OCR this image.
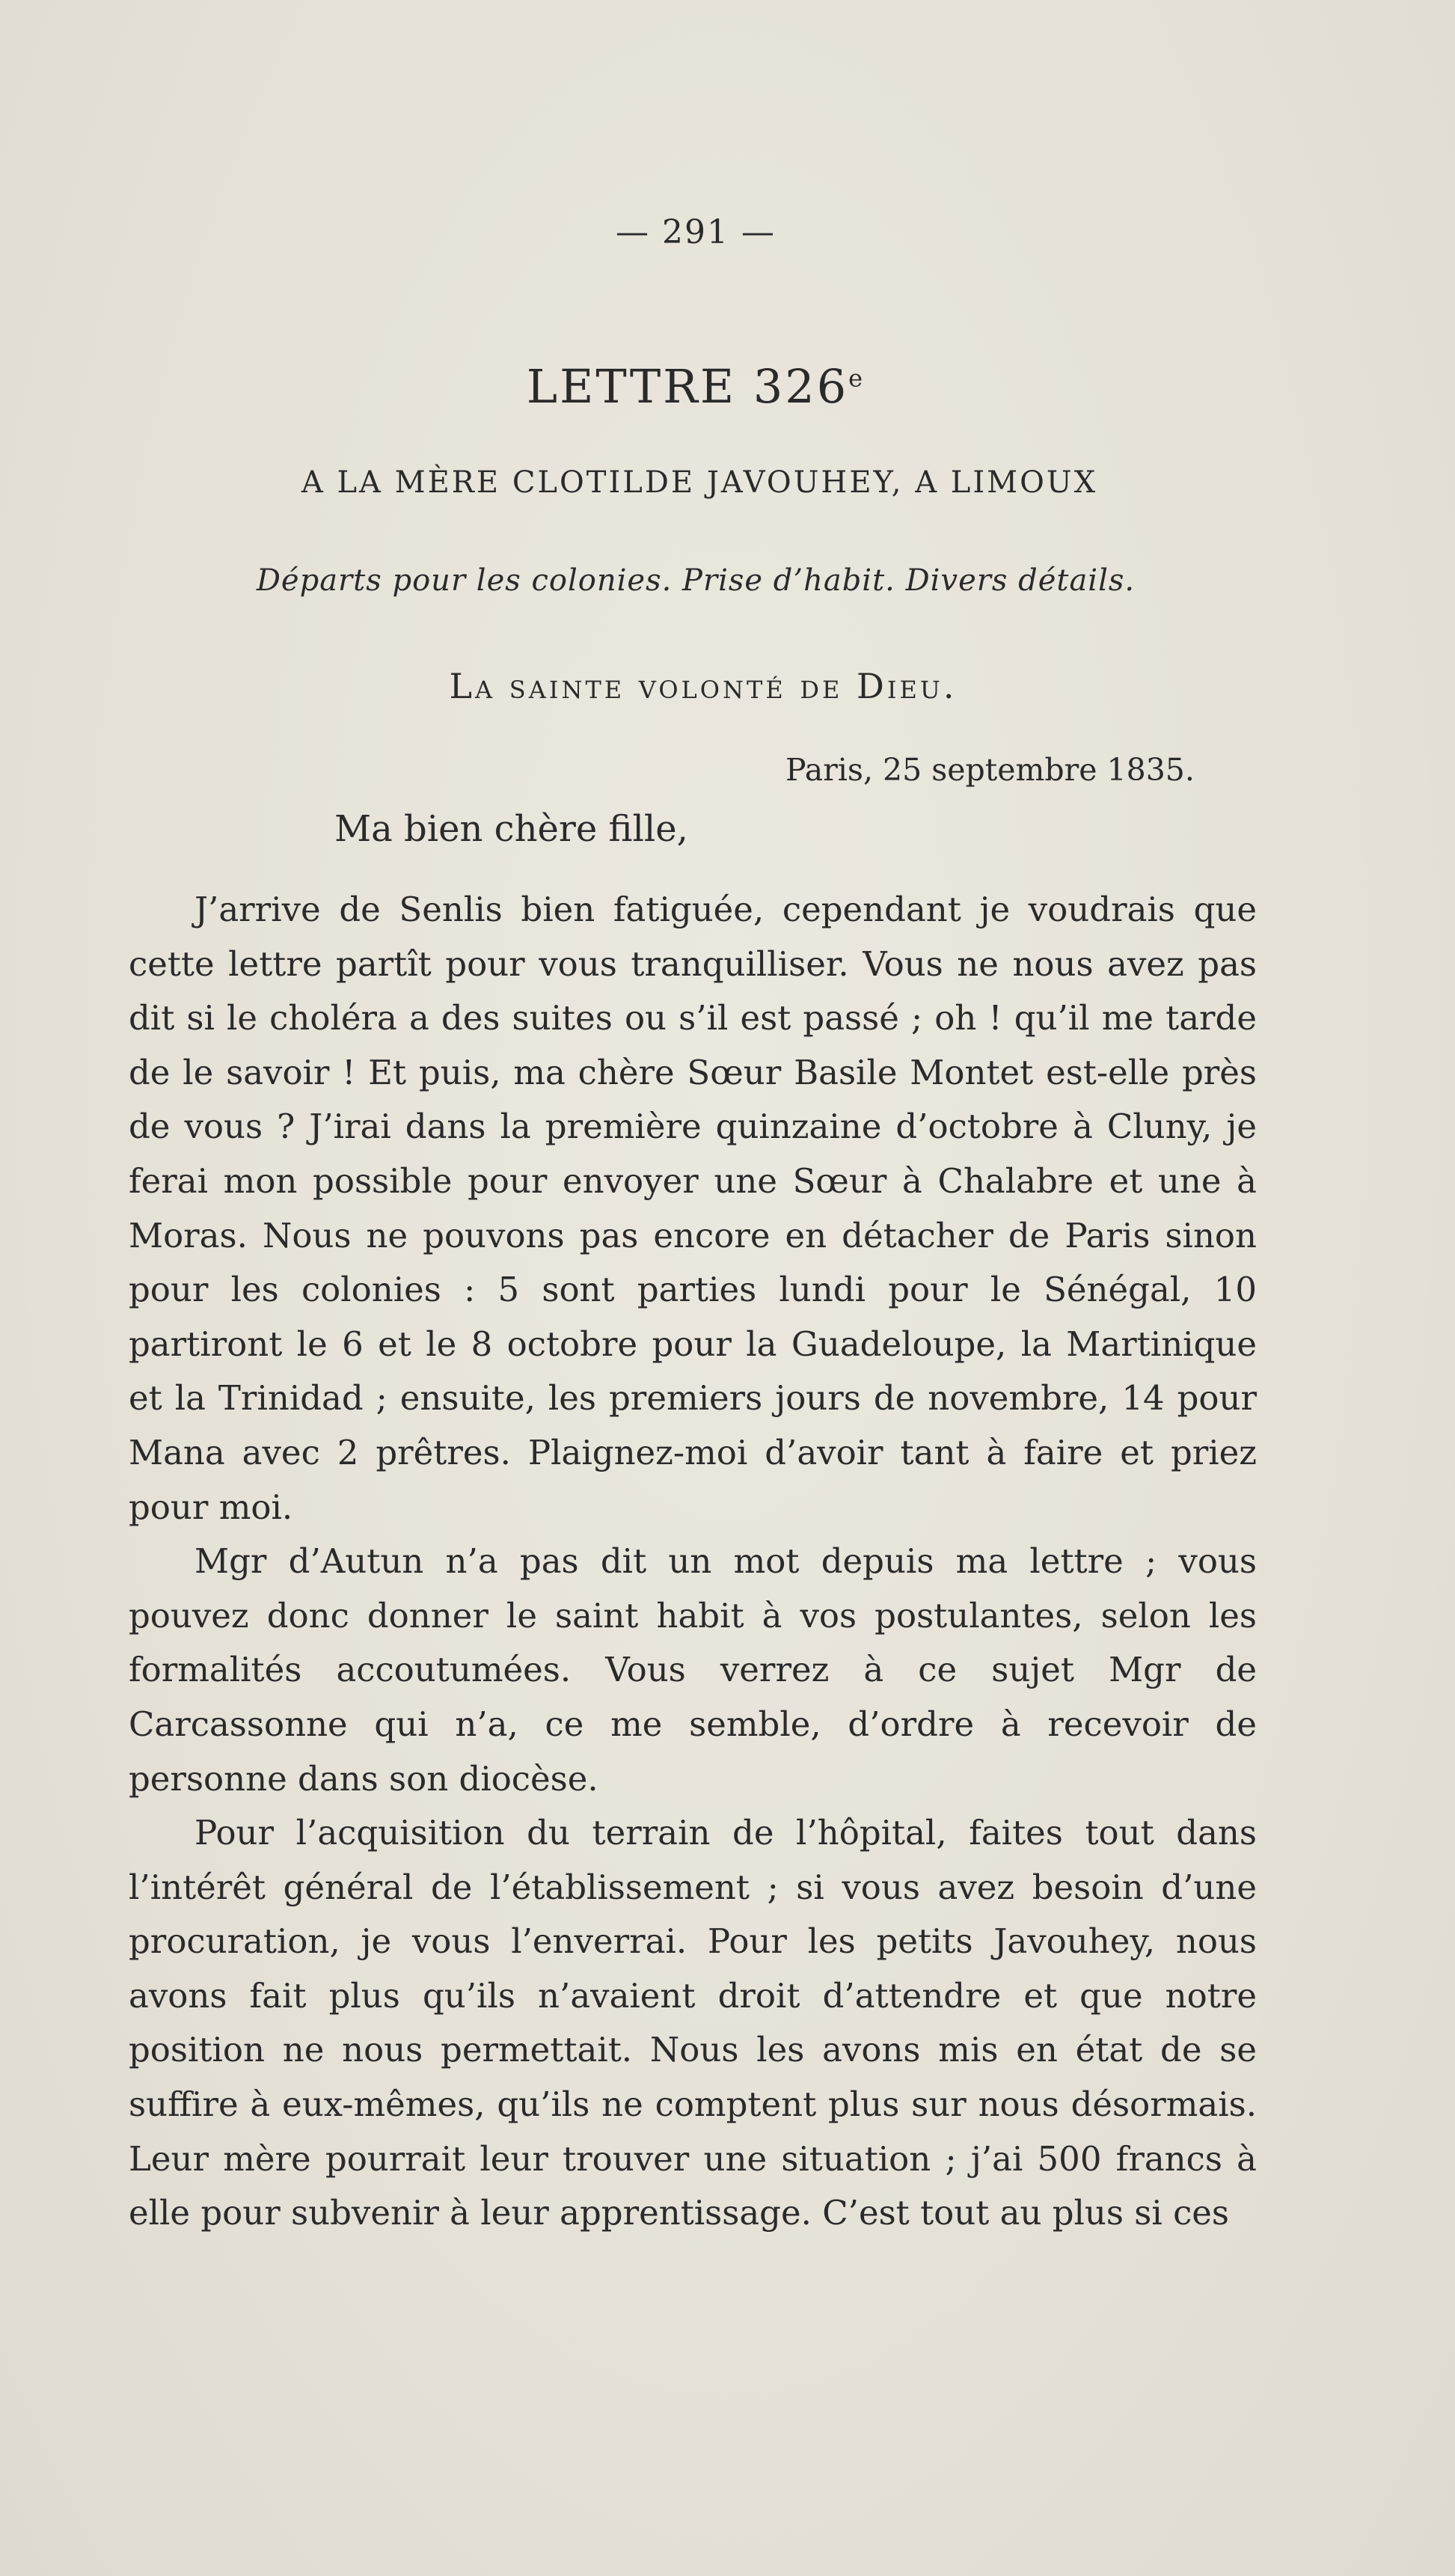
— 291 —
LETTRE 326e
A LA MÈRE CLOTILDE JAVOUHEY, A LIMOUX
Départs pour les colonies. Prise d’habit. Divers détails.
La sainte volonté de Dieu.
Paris, 25 septembre 1835.
Ma bien chère fille,

J’arrive de Senlis bien fatiguée, cependant je voudrais que cette lettre partît pour vous tranquilliser. Vous ne nous avez pas dit si le choléra a des suites ou s’il est passé ; oh ! qu’il me tarde de le savoir ! Et puis, ma chère Sœur Basile Montet est-elle près de vous ? J’irai dans la première quinzaine d’octobre à Cluny, je ferai mon possible pour envoyer une Sœur à Chalabre et une à Moras. Nous ne pouvons pas encore en détacher de Paris sinon pour les colonies : 5 sont parties lundi pour le Sénégal, 10 partiront le 6 et le 8 octobre pour la Guadeloupe, la Martinique et la Trinidad ; ensuite, les premiers jours de novembre, 14 pour Mana avec 2 prêtres. Plaignez-moi d’avoir tant à faire et priez pour moi.

Mgr d’Autun n’a pas dit un mot depuis ma lettre ; vous pouvez donc donner le saint habit à vos postulantes, selon les formalités accoutumées. Vous verrez à ce sujet Mgr de Carcassonne qui n’a, ce me semble, d’ordre à recevoir de personne dans son diocèse.

Pour l’acquisition du terrain de l’hôpital, faites tout dans l’intérêt général de l’établissement ; si vous avez besoin d’une procuration, je vous l’enverrai. Pour les petits Javouhey, nous avons fait plus qu’ils n’avaient droit d’attendre et que notre position ne nous permettait. Nous les avons mis en état de se suffire à eux-mêmes, qu’ils ne comptent plus sur nous désormais. Leur mère pourrait leur trouver une situation ; j’ai 500 francs à elle pour subvenir à leur apprentissage. C’est tout au plus si ces
